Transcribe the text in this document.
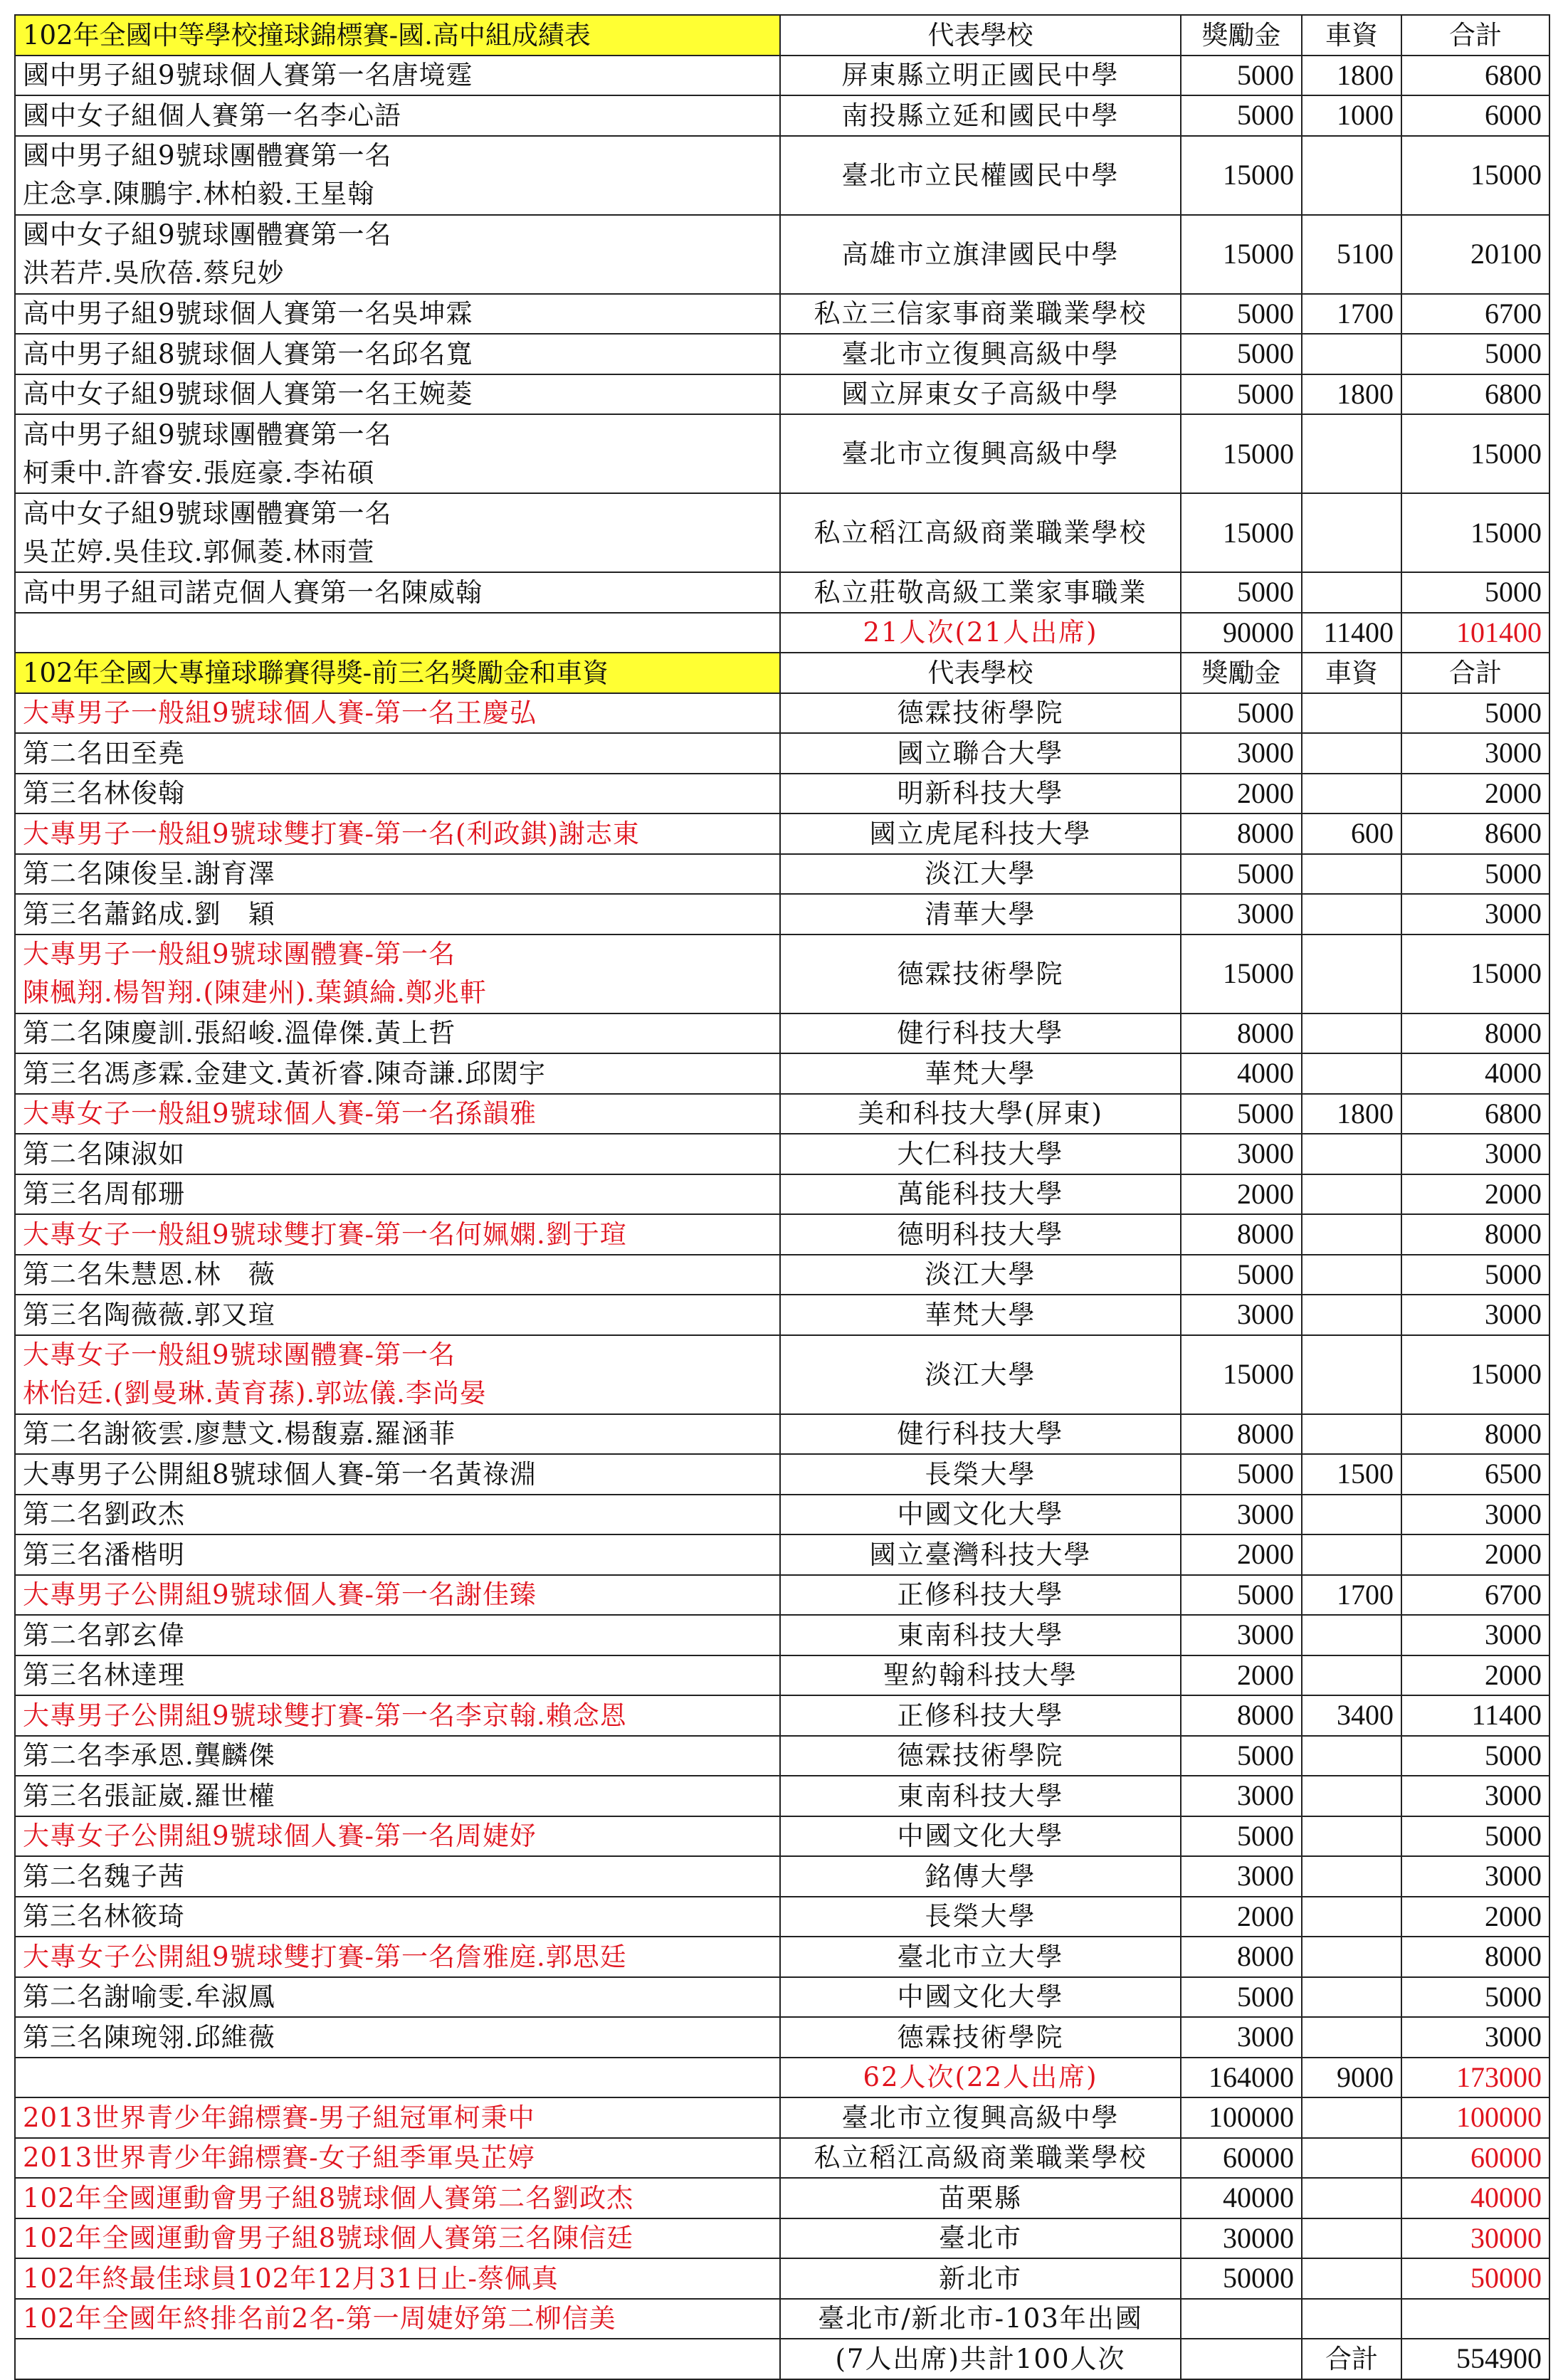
102年全國中等學校撞球錦標賽-國.高中組成績表	代表學校	獎勵金	車資	合計

國中男子組9號球個人賽第一名唐境霆	屏東縣立明正國民中學	5000	1800	6800

國中女子組個人賽第一名李心語	南投縣立延和國民中學	5000	1000	6000

國中男子組9號球團體賽第一名
庄念享.陳鵬宇.林柏毅.王星翰	臺北市立民權國民中學	15000		15000

國中女子組9號球團體賽第一名
洪若芹.吳欣蓓.蔡兒妙	高雄市立旗津國民中學	15000	5100	20100

高中男子組9號球個人賽第一名吳坤霖	私立三信家事商業職業學校	5000	1700	6700

高中男子組8號球個人賽第一名邱名寬	臺北市立復興高級中學	5000		5000

高中女子組9號球個人賽第一名王婉菱	國立屏東女子高級中學	5000	1800	6800

高中男子組9號球團體賽第一名
柯秉中.許睿安.張庭豪.李祐碩	臺北市立復興高級中學	15000		15000

高中女子組9號球團體賽第一名
吳芷婷.吳佳玟.郭佩菱.林雨萱	私立稻江高級商業職業學校	15000		15000

高中男子組司諾克個人賽第一名陳威翰	私立莊敬高級工業家事職業	5000		5000
	21人次(21人出席)	90000	11400	101400
102年全國大專撞球聯賽得獎-前三名獎勵金和車資	代表學校	獎勵金	車資	合計

大專男子一般組9號球個人賽-第一名王慶弘	德霖技術學院	5000		5000

第二名田至堯	國立聯合大學	3000		3000

第三名林俊翰	明新科技大學	2000		2000

大專男子一般組9號球雙打賽-第一名(利政錤)謝志東	國立虎尾科技大學	8000	600	8600

第二名陳俊呈.謝育澤	淡江大學	5000		5000

第三名蕭銘成.劉　穎	清華大學	3000		3000

大專男子一般組9號球團體賽-第一名
陳楓翔.楊智翔.(陳建州).葉鎮綸.鄭兆軒	德霖技術學院	15000		15000

第二名陳慶訓.張紹峻.溫偉傑.黃上哲	健行科技大學	8000		8000

第三名馮彥霖.金建文.黃祈睿.陳奇謙.邱閎宇	華梵大學	4000		4000

大專女子一般組9號球個人賽-第一名孫韻雅	美和科技大學(屏東)	5000	1800	6800

第二名陳淑如	大仁科技大學	3000		3000

第三名周郁珊	萬能科技大學	2000		2000

大專女子一般組9號球雙打賽-第一名何姵嫻.劉于瑄	德明科技大學	8000		8000

第二名朱慧恩.林　薇	淡江大學	5000		5000

第三名陶薇薇.郭又瑄	華梵大學	3000		3000

大專女子一般組9號球團體賽-第一名
林怡廷.(劉曼琳.黃育蓀).郭竑儀.李尚晏	淡江大學	15000		15000

第二名謝筱雲.廖慧文.楊馥嘉.羅涵菲	健行科技大學	8000		8000

大專男子公開組8號球個人賽-第一名黃祿淵	長榮大學	5000	1500	6500

第二名劉政杰	中國文化大學	3000		3000

第三名潘楷明	國立臺灣科技大學	2000		2000

大專男子公開組9號球個人賽-第一名謝佳臻	正修科技大學	5000	1700	6700

第二名郭玄偉	東南科技大學	3000		3000

第三名林達理	聖約翰科技大學	2000		2000

大專男子公開組9號球雙打賽-第一名李京翰.賴念恩	正修科技大學	8000	3400	11400

第二名李承恩.龔麟傑	德霖技術學院	5000		5000

第三名張証崴.羅世權	東南科技大學	3000		3000

大專女子公開組9號球個人賽-第一名周婕妤	中國文化大學	5000		5000

第二名魏子茜	銘傳大學	3000		3000

第三名林筱琦	長榮大學	2000		2000

大專女子公開組9號球雙打賽-第一名詹雅庭.郭思廷	臺北市立大學	8000		8000

第二名謝喻雯.牟淑鳳	中國文化大學	5000		5000

第三名陳琬翎.邱維薇	德霖技術學院	3000		3000
	62人次(22人出席)	164000	9000	173000

2013世界青少年錦標賽-男子組冠軍柯秉中	臺北市立復興高級中學	100000		100000

2013世界青少年錦標賽-女子組季軍吳芷婷	私立稻江高級商業職業學校	60000		60000

102年全國運動會男子組8號球個人賽第二名劉政杰	苗栗縣	40000		40000

102年全國運動會男子組8號球個人賽第三名陳信廷	臺北市	30000		30000

102年終最佳球員102年12月31日止-蔡佩真	新北市	50000		50000

102年全國年終排名前2名-第一周婕妤第二柳信美	臺北市/新北市-103年出國			
	(7人出席)共計100人次		合計	554900
